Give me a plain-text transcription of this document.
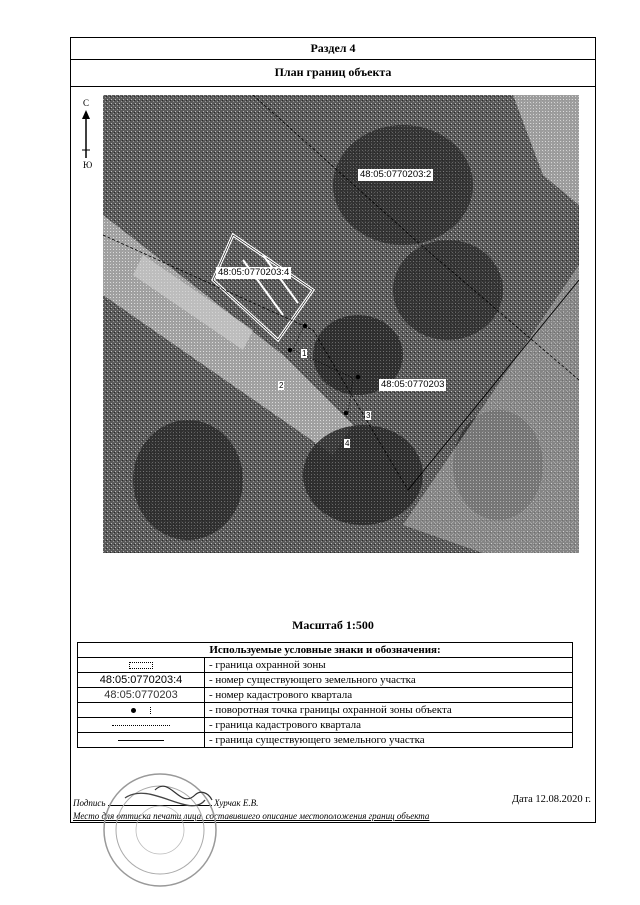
Раздел 4
План границ объекта
С
Ю
48:05:0770203:2
48:05:0770203:4
48:05:0770203
1
2
3
4
Масштаб 1:500
Используемые условные знаки и обозначения:	
	- граница охранной зоны
48:05:0770203:4	- номер существующего земельного участка
48:05:0770203	- номер кадастрового квартала
	- поворотная точка границы охранной зоны объекта
	- граница кадастрового квартала
	- граница существующего земельного участка
Подпись	Хурчак Е.В.	Дата 12.08.2020 г.
Место для оттиска печати лица, составившего описание местоположения границ объекта
